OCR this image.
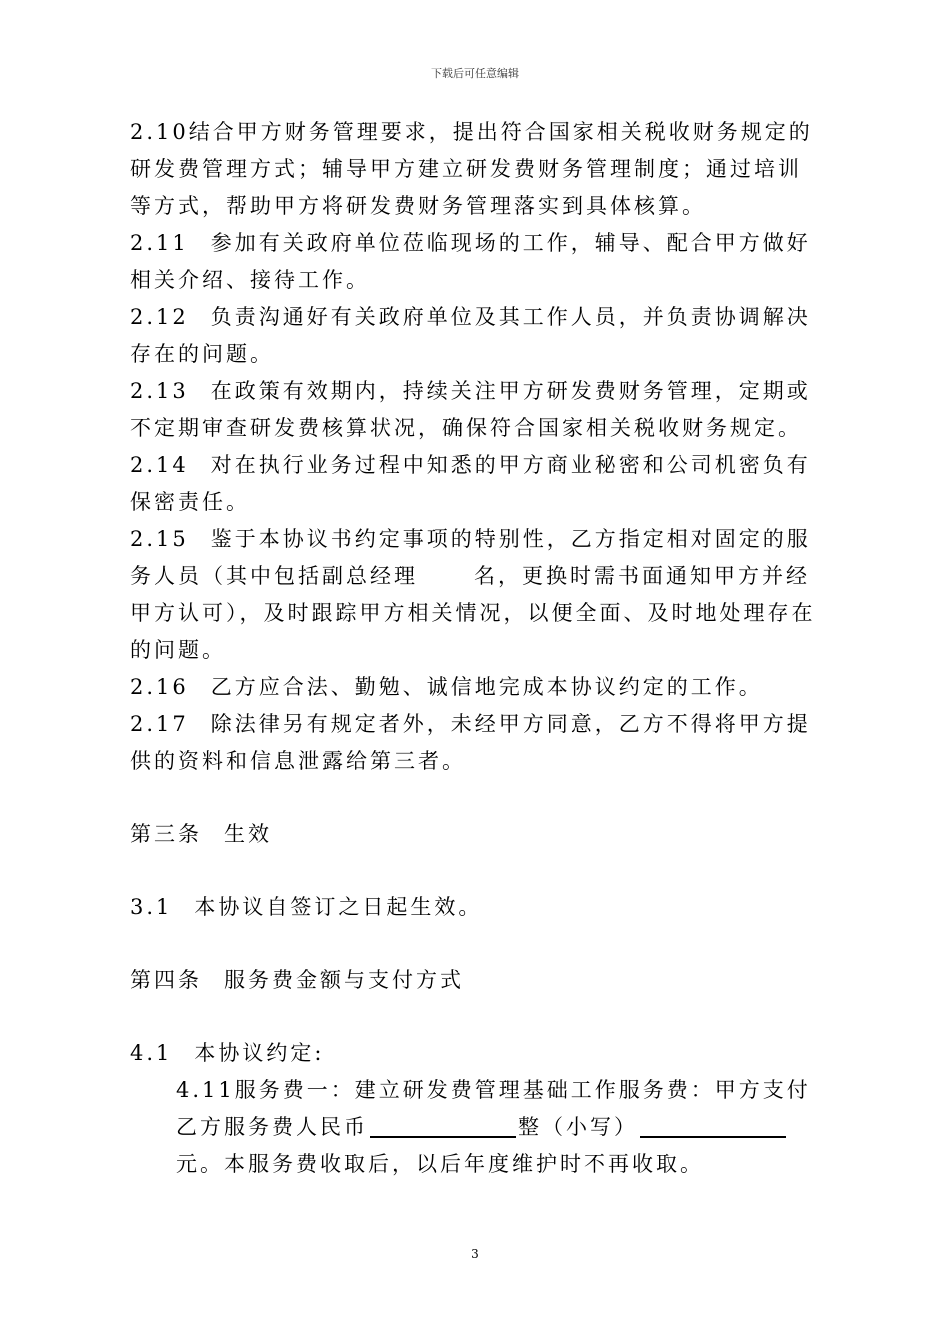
下载后可任意编辑

2.10结合甲方财务管理要求，提出符合国家相关税收财务规定的研发费管理方式；辅导甲方建立研发费财务管理制度；通过培训等方式，帮助甲方将研发费财务管理落实到具体核算。

2.11 参加有关政府单位莅临现场的工作，辅导、配合甲方做好相关介绍、接待工作。

2.12 负责沟通好有关政府单位及其工作人员，并负责协调解决存在的问题。

2.13 在政策有效期内，持续关注甲方研发费财务管理，定期或不定期审查研发费核算状况，确保符合国家相关税收财务规定。

2.14 对在执行业务过程中知悉的甲方商业秘密和公司机密负有保密责任。

2.15 鉴于本协议书约定事项的特别性，乙方指定相对固定的服务人员（其中包括副总经理	名，更换时需书面通知甲方并经甲方认可），及时跟踪甲方相关情况，以便全面、及时地处理存在的问题。

2.16 乙方应合法、勤勉、诚信地完成本协议约定的工作。

2.17 除法律另有规定者外，未经甲方同意，乙方不得将甲方提供的资料和信息泄露给第三者。

第三条 生效

3.1 本协议自签订之日起生效。

第四条 服务费金额与支付方式

4.1 本协议约定:

4.11服务费一：建立研发费管理基础工作服务费：甲方支付乙方服务费人民币	整（小写）元。本服务费收取后，以后年度维护时不再收取。

3
